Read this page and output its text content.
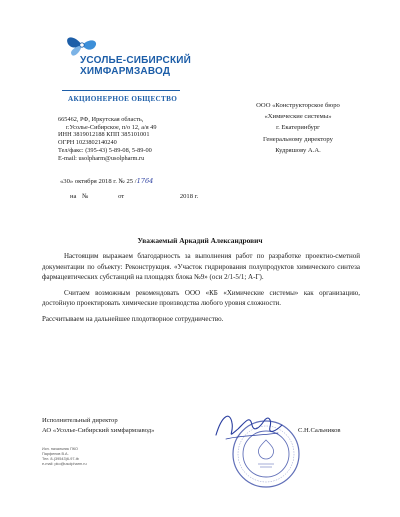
УСОЛЬЕ-СИБИРСКИЙ
ХИМФАРМЗАВОД
АКЦИОНЕРНОЕ ОБЩЕСТВО
665462, РФ, Иркутская область,
г.Усолье-Сибирское, п/о 12, а/я 49
ИНН 3819012188 КПП 385101001
ОГРН 1023802140240
Тел/факс: (395-43) 5-89-08, 5-89-00
E-mail: usolpharm@usolpharm.ru
ООО «Конструкторское бюро
«Химические системы»
г. Екатеринбург
Генеральному директору
Кудряшову А.А.
«30» октября 2018 г. № 25 /1764
на №	от	2018 г.
Уважаемый Аркадий Александрович

Настоящим выражаем благодарность за выполнения работ по разработке проектно-сметной документации по объекту: Реконструкция. «Участок гидрирования полупродуктов химического синтеза фармацевтических субстанций на площадях блока №9» (оси 2/1-5/1; А-Г).

Считаем возможным рекомендовать ООО «КБ «Химические системы» как организацию, достойную проектировать химические производства любого уровня сложности.

Рассчитываем на дальнейшее плодотворное сотрудничество.

Исполнительный директор
АО «Усолье-Сибирский химфармзавод»	С.Н.Сальников
Исп. начальник ПКО
Парфенов В.А.
Тел. 8-(39543)6-97-tb
e-mail: pko@usolpharm.ru
